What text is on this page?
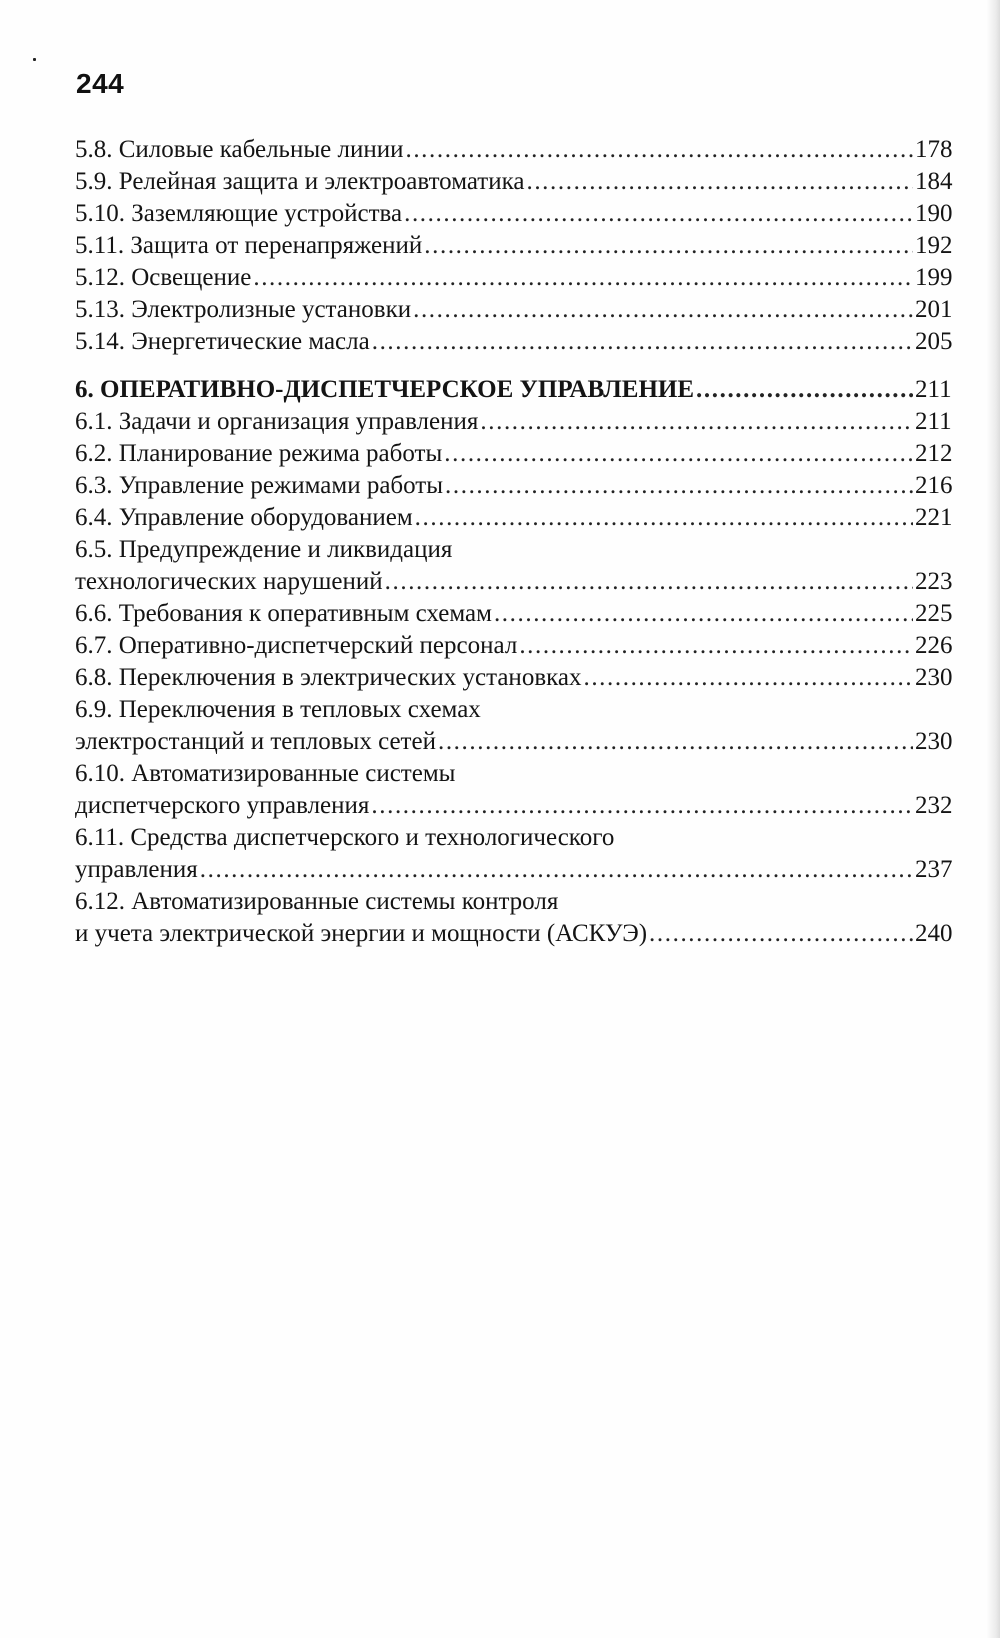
244
5.8. Силовые кабельные линии .....	178
5.9. Релейная защита и электроавтоматика .....	184
5.10. Заземляющие устройства .....	190
5.11. Защита от перенапряжений .....	192
5.12. Освещение .....	199
5.13. Электролизные установки .....	201
5.14. Энергетические масла .....	205
6. ОПЕРАТИВНО-ДИСПЕТЧЕРСКОЕ УПРАВЛЕНИЕ .....	211
6.1. Задачи и организация управления .....	211
6.2. Планирование режима работы .....	212
6.3. Управление режимами работы .....	216
6.4. Управление оборудованием .....	221
6.5. Предупреждение и ликвидация
технологических нарушений .....	223
6.6. Требования к оперативным схемам .....	225
6.7. Оперативно-диспетчерский персонал .....	226
6.8. Переключения в электрических установках .....	230
6.9. Переключения в тепловых схемах
электростанций и тепловых сетей .....	230
6.10. Автоматизированные системы
диспетчерского управления .....	232
6.11. Средства диспетчерского и технологического
управления .....	237
6.12. Автоматизированные системы контроля
и учета электрической энергии и мощности (АСКУЭ) .....	240
